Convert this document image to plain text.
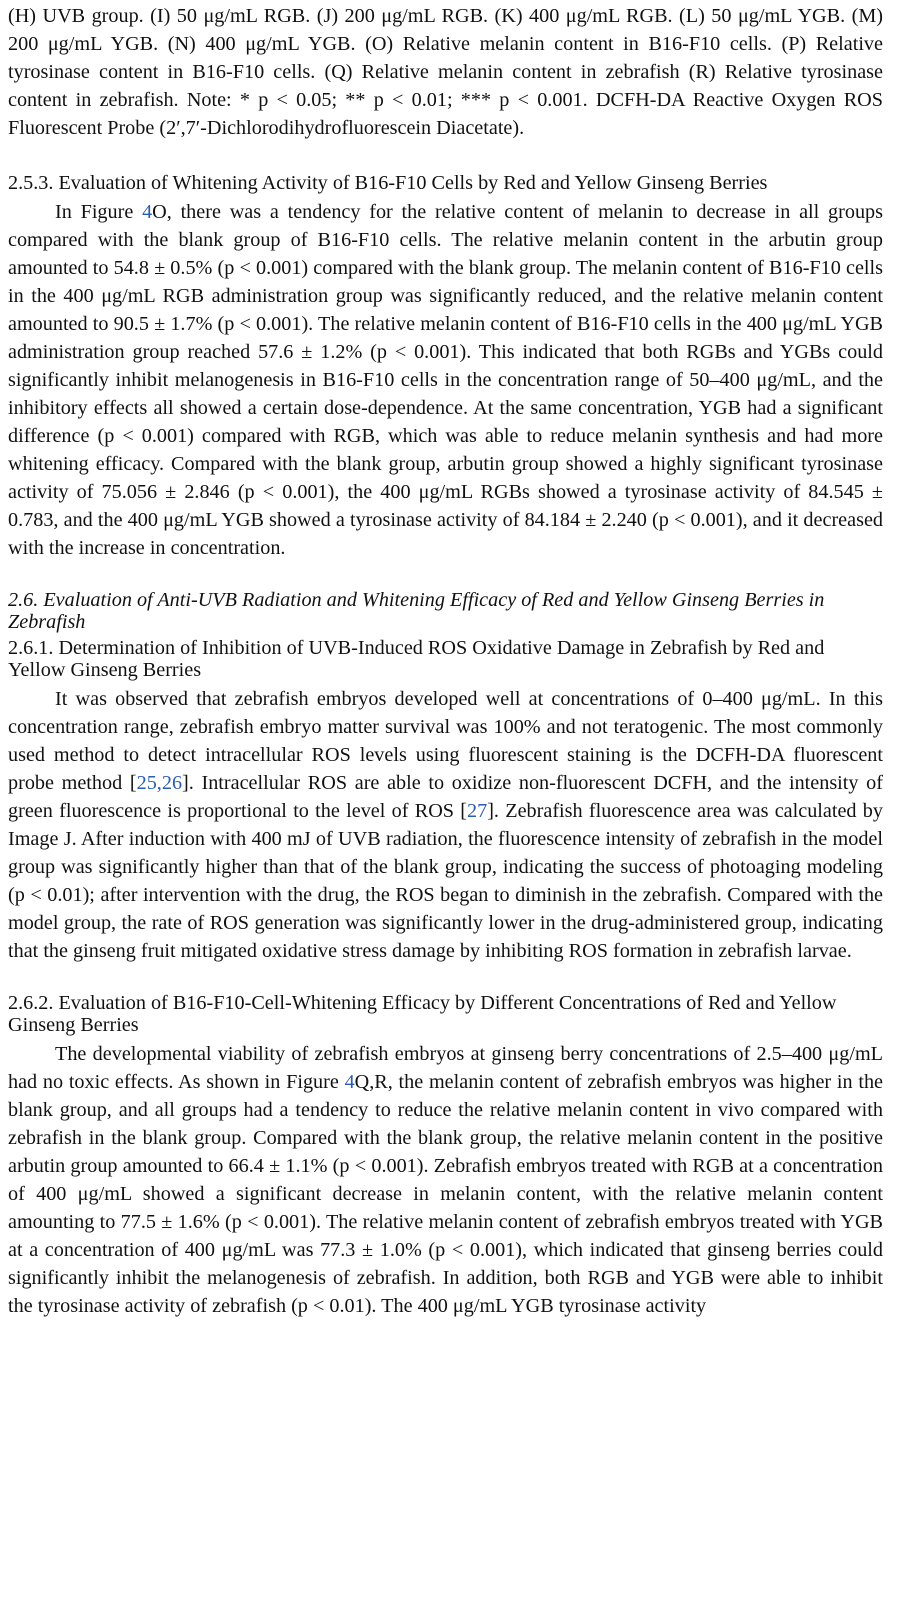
(H) UVB group. (I) 50 μg/mL RGB. (J) 200 μg/mL RGB. (K) 400 μg/mL RGB. (L) 50 μg/mL YGB. (M) 200 μg/mL YGB. (N) 400 μg/mL YGB. (O) Relative melanin content in B16-F10 cells. (P) Relative tyrosinase content in B16-F10 cells. (Q) Relative melanin content in zebrafish (R) Relative tyrosinase content in zebrafish. Note: * p < 0.05; ** p < 0.01; *** p < 0.001. DCFH-DA Reactive Oxygen ROS Fluorescent Probe (2′,7′-Dichlorodihydrofluorescein Diacetate).

2.5.3. Evaluation of Whitening Activity of B16-F10 Cells by Red and Yellow Ginseng Berries

In Figure 4O, there was a tendency for the relative content of melanin to decrease in all groups compared with the blank group of B16-F10 cells. The relative melanin content in the arbutin group amounted to 54.8 ± 0.5% (p < 0.001) compared with the blank group. The melanin content of B16-F10 cells in the 400 μg/mL RGB administration group was significantly reduced, and the relative melanin content amounted to 90.5 ± 1.7% (p < 0.001). The relative melanin content of B16-F10 cells in the 400 μg/mL YGB administration group reached 57.6 ± 1.2% (p < 0.001). This indicated that both RGBs and YGBs could significantly inhibit melanogenesis in B16-F10 cells in the concentration range of 50–400 μg/mL, and the inhibitory effects all showed a certain dose-dependence. At the same concentration, YGB had a significant difference (p < 0.001) compared with RGB, which was able to reduce melanin synthesis and had more whitening efficacy. Compared with the blank group, arbutin group showed a highly significant tyrosinase activity of 75.056 ± 2.846 (p < 0.001), the 400 μg/mL RGBs showed a tyrosinase activity of 84.545 ± 0.783, and the 400 μg/mL YGB showed a tyrosinase activity of 84.184 ± 2.240 (p < 0.001), and it decreased with the increase in concentration.

2.6. Evaluation of Anti-UVB Radiation and Whitening Efficacy of Red and Yellow Ginseng Berries in Zebrafish
2.6.1. Determination of Inhibition of UVB-Induced ROS Oxidative Damage in Zebrafish by Red and Yellow Ginseng Berries

It was observed that zebrafish embryos developed well at concentrations of 0–400 μg/mL. In this concentration range, zebrafish embryo matter survival was 100% and not teratogenic. The most commonly used method to detect intracellular ROS levels using fluorescent staining is the DCFH-DA fluorescent probe method [25,26]. Intracellular ROS are able to oxidize non-fluorescent DCFH, and the intensity of green fluorescence is proportional to the level of ROS [27]. Zebrafish fluorescence area was calculated by Image J. After induction with 400 mJ of UVB radiation, the fluorescence intensity of zebrafish in the model group was significantly higher than that of the blank group, indicating the success of photoaging modeling (p < 0.01); after intervention with the drug, the ROS began to diminish in the zebrafish. Compared with the model group, the rate of ROS generation was significantly lower in the drug-administered group, indicating that the ginseng fruit mitigated oxidative stress damage by inhibiting ROS formation in zebrafish larvae.

2.6.2. Evaluation of B16-F10-Cell-Whitening Efficacy by Different Concentrations of Red and Yellow Ginseng Berries

The developmental viability of zebrafish embryos at ginseng berry concentrations of 2.5–400 μg/mL had no toxic effects. As shown in Figure 4Q,R, the melanin content of zebrafish embryos was higher in the blank group, and all groups had a tendency to reduce the relative melanin content in vivo compared with zebrafish in the blank group. Compared with the blank group, the relative melanin content in the positive arbutin group amounted to 66.4 ± 1.1% (p < 0.001). Zebrafish embryos treated with RGB at a concentration of 400 μg/mL showed a significant decrease in melanin content, with the relative melanin content amounting to 77.5 ± 1.6% (p < 0.001). The relative melanin content of zebrafish embryos treated with YGB at a concentration of 400 μg/mL was 77.3 ± 1.0% (p < 0.001), which indicated that ginseng berries could significantly inhibit the melanogenesis of zebrafish. In addition, both RGB and YGB were able to inhibit the tyrosinase activity of zebrafish (p < 0.01). The 400 μg/mL YGB tyrosinase activity
